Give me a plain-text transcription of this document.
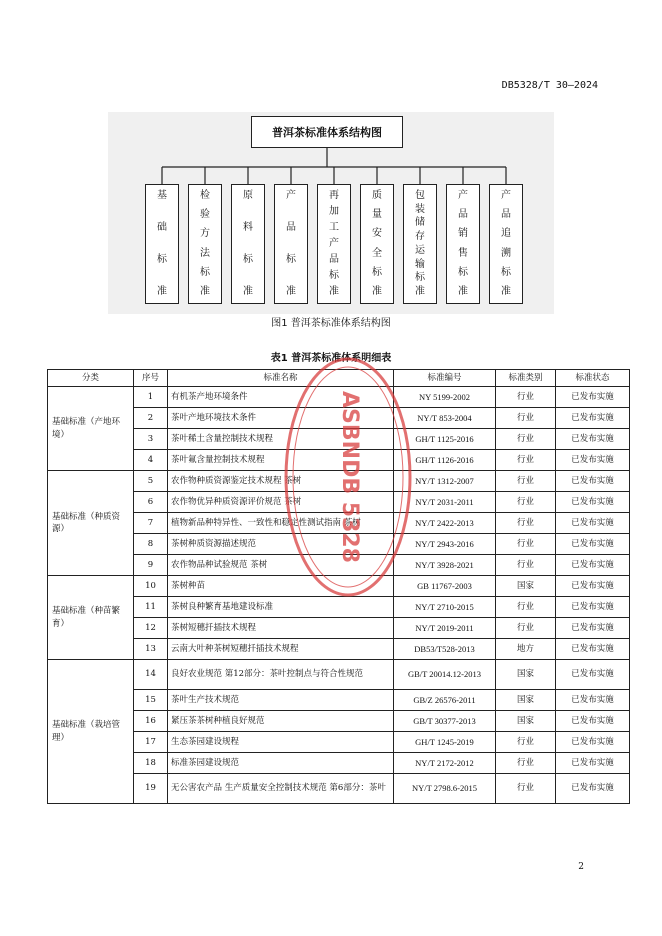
DB5328/T 30—2024
普洱茶标准体系结构图
基
础
标
准
检
验
方
法
标
准
原
料
标
准
产
品
标
准
再
加
工
产
品
标
准
质
量
安
全
标
准
包
装
储
存
运
输
标
准
产
品
销
售
标
准
产
品
追
溯
标
准
图1 普洱茶标准体系结构图
表1 普洱茶标准体系明细表
分类	序号	标准名称	标准编号	标准类别	标准状态
基础标准（产地环境）	1	有机茶产地环境条件	NY 5199-2002	行业	已发布实施
	2	茶叶产地环境技术条件	NY/T 853-2004	行业	已发布实施
	3	茶叶稀土含量控制技术规程	GH/T 1125-2016	行业	已发布实施
	4	茶叶氟含量控制技术规程	GH/T 1126-2016	行业	已发布实施
基础标准（种质资源）	5	农作物种质资源鉴定技术规程 茶树	NY/T 1312-2007	行业	已发布实施
	6	农作物优异种质资源评价规范 茶树	NY/T 2031-2011	行业	已发布实施
	7	植物新品种特异性、一致性和稳定性测试指南 茶树	NY/T 2422-2013	行业	已发布实施
	8	茶树种质资源描述规范	NY/T 2943-2016	行业	已发布实施
	9	农作物品种试验规范 茶树	NY/T 3928-2021	行业	已发布实施
基础标准（种苗繁育）	10	茶树种苗	GB 11767-2003	国家	已发布实施
	11	茶树良种繁育基地建设标准	NY/T 2710-2015	行业	已发布实施
	12	茶树短穗扦插技术规程	NY/T 2019-2011	行业	已发布实施
	13	云南大叶种茶树短穗扦插技术规程	DB53/T528-2013	地方	已发布实施
基础标准（栽培管理）	14	良好农业规范 第12部分：茶叶控制点与符合性规范	GB/T 20014.12-2013	国家	已发布实施
	15	茶叶生产技术规范	GB/Z 26576-2011	国家	已发布实施
	16	紧压茶茶树种植良好规范	GB/T 30377-2013	国家	已发布实施
	17	生态茶园建设规程	GH/T 1245-2019	行业	已发布实施
	18	标准茶园建设规范	NY/T 2172-2012	行业	已发布实施
	19	无公害农产品 生产质量安全控制技术规范 第6部分：茶叶	NY/T 2798.6-2015	行业	已发布实施
ASBNDB 5328
2
